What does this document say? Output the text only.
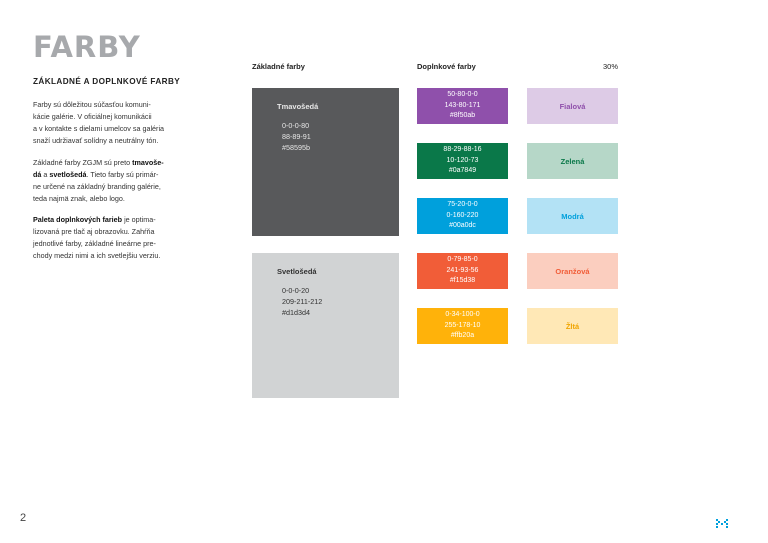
FARBY
ZÁKLADNÉ A DOPLNKOVÉ FARBY
Farby sú dôležitou súčasťou komuni-
kácie galérie. V oficiálnej komunikácii
a v kontakte s dielami umelcov sa galéria
snaží udržiavať solídny a neutrálny tón.
Základné farby ZGJM sú preto tmavoše-
dá a svetlošedá. Tieto farby sú primár-
ne určené na základný branding galérie,
teda najmä znak, alebo logo.
Paleta doplnkových farieb je optima-
lizovaná pre tlač aj obrazovku. Zahŕňa
jednotlivé farby, základné lineárne pre-
chody medzi nimi a ich svetlejšiu verziu.
Základné farby	Doplnkové farby	30%
Tmavošedá
0-0-0-80
88-89-91
#58595b
Svetlošedá
0-0-0-20
209-211-212
#d1d3d4
50-80-0-0
143-80-171
#8f50ab
Fialová
88-29-88-16
10-120-73
#0a7849
Zelená
75-20-0-0
0-160-220
#00a0dc
Modrá
0-79-85-0
241-93-56
#f15d38
Oranžová
0-34-100-0
255-178-10
#ffb20a
Žltá
2
